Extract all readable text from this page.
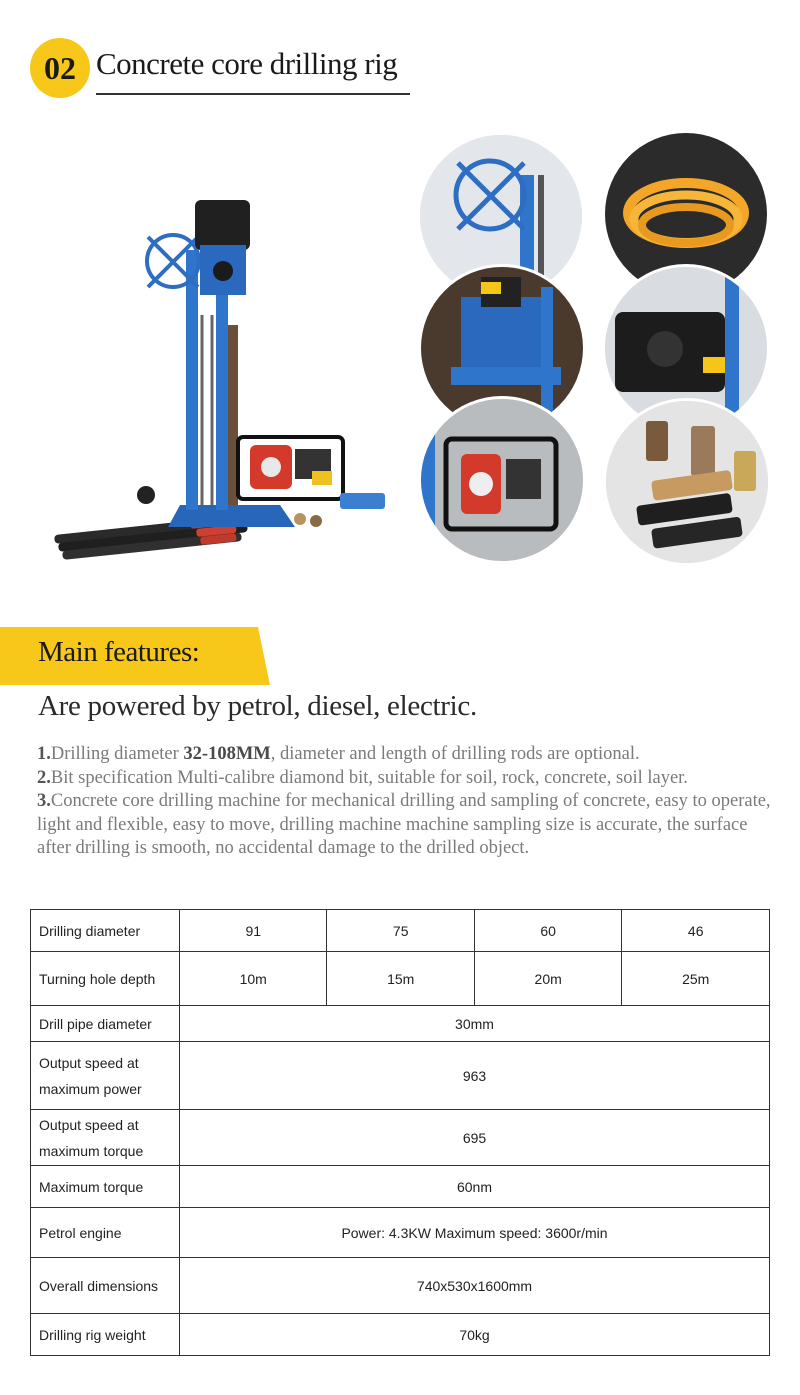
02 Concrete core drilling rig
Main features:
Are powered by petrol, diesel, electric.

1.Drilling diameter 32-108MM, diameter and length of drilling rods are optional.

2.Bit specification Multi-calibre diamond bit, suitable for soil, rock, concrete, soil layer.

3.Concrete core drilling machine for mechanical drilling and sampling of concrete, easy to operate, light and flexible, easy to move, drilling machine machine sampling size is accurate, the surface after drilling is smooth, no accidental damage to the drilled object.

Drilling diameter	91	75	60	46
Turning hole depth	10m	15m	20m	25m
Drill pipe diameter	30mm			
Output speed at maximum power	963			
Output speed at maximum torque	695			
Maximum torque	60nm			
Petrol engine	Power: 4.3KW Maximum speed: 3600r/min			
Overall dimensions	740x530x1600mm			
Drilling rig weight	70kg			
